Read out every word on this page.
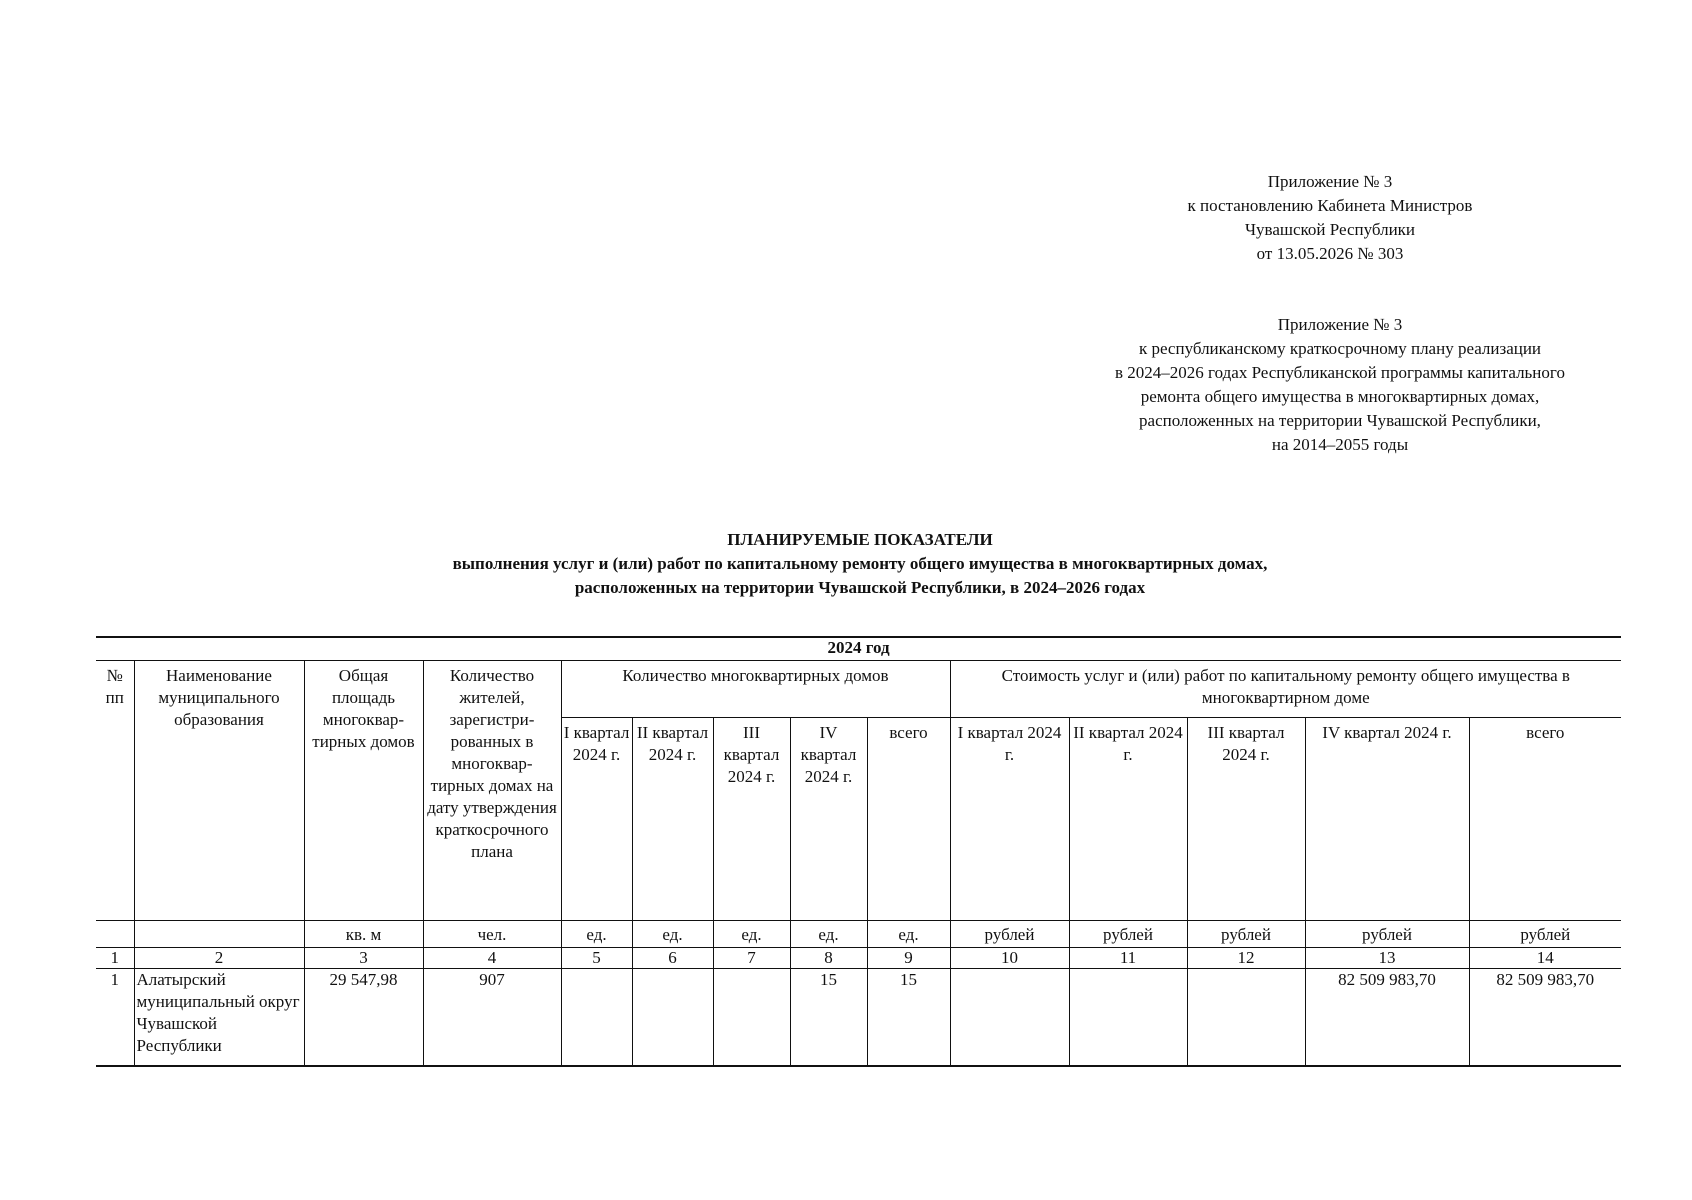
Приложение № 3
к постановлению Кабинета Министров
Чувашской Республики
от 13.05.2026 № 303
Приложение № 3
к республиканскому краткосрочному плану реализации
в 2024–2026 годах Республиканской программы капитального
ремонта общего имущества в многоквартирных домах,
расположенных на территории Чувашской Республики,
на 2014–2055 годы
ПЛАНИРУЕМЫЕ ПОКАЗАТЕЛИ
выполнения услуг и (или) работ по капитальному ремонту общего имущества в многоквартирных домах,
расположенных на территории Чувашской Республики, в 2024–2026 годах
2024 год													
№ пп	Наименование муниципального образования	Общая площадь многоквар-тирных домов	Количество жителей, зарегистри-рованных в многоквар-тирных домах на дату утверждения краткосрочного плана	Количество многоквартирных домов					Стоимость услуг и (или) работ по капитальному ремонту общего имущества в многоквартирном доме				
				I квартал 2024 г.	II квартал 2024 г.	III квартал 2024 г.	IV квартал 2024 г.	всего	I квартал 2024 г.	II квартал 2024 г.	III квартал 2024 г.	IV квартал 2024 г.	всего
		кв. м	чел.	ед.	ед.	ед.	ед.	ед.	рублей	рублей	рублей	рублей	рублей
1	2	3	4	5	6	7	8	9	10	11	12	13	14
1	Алатырский муниципальный округ Чувашской Республики	29 547,98	907				15	15				82 509 983,70	82 509 983,70
